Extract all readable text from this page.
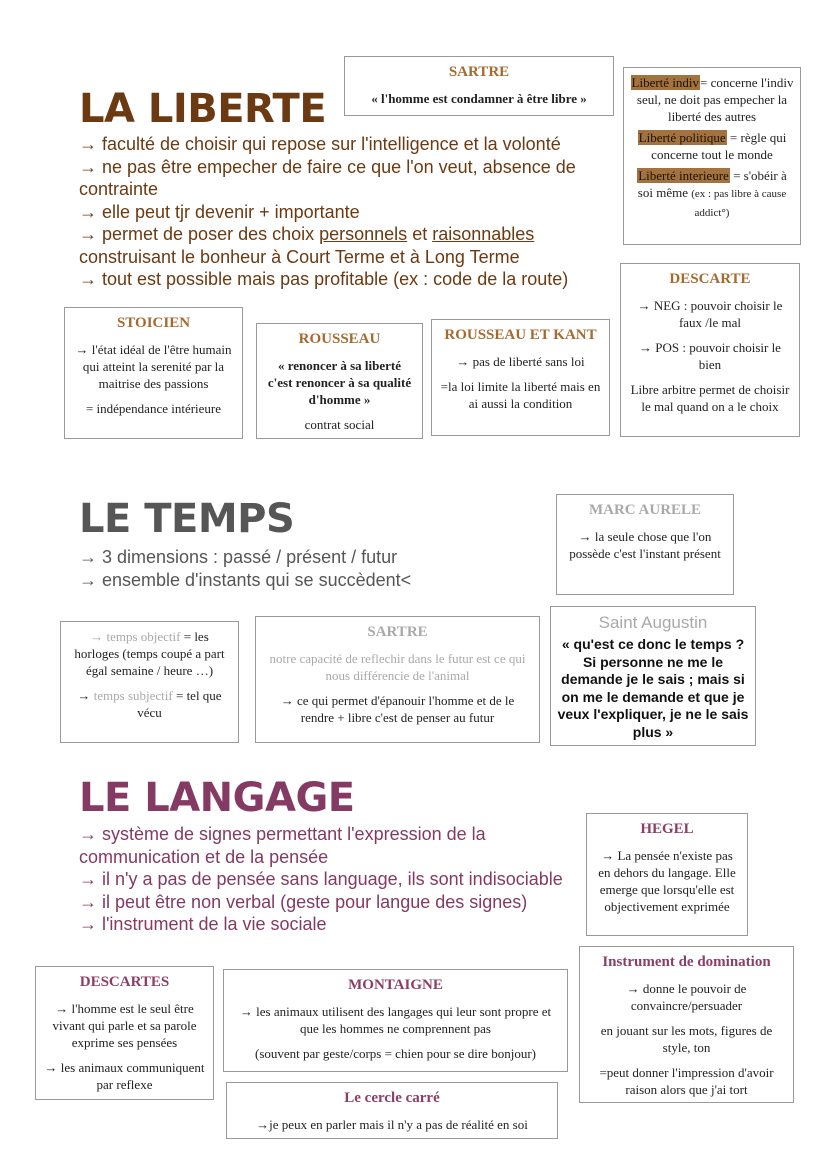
LA LIBERTE
→ faculté de choisir qui repose sur l'intelligence et la volonté
→ ne pas être empecher de faire ce que l'on veut, absence de contrainte
→ elle peut tjr devenir + importante
→ permet de poser des choix personnels et raisonnables construisant le bonheur à Court Terme et à Long Terme
→ tout est possible mais pas profitable (ex : code de la route)
SARTRE

« l'homme est condamner à être libre »

Liberté indiv= concerne l'indiv seul, ne doit pas empecher la liberté des autres

Liberté politique = règle qui concerne tout le monde

Liberté interieure = s'obéir à soi même (ex : pas libre à cause addict°)

STOICIEN

→ l'état idéal de l'être humain qui atteint la serenité par la maitrise des passions

= indépendance intérieure

ROUSSEAU

« renoncer à sa liberté c'est renoncer à sa qualité d'homme »

contrat social

ROUSSEAU ET KANT

→ pas de liberté sans loi

=la loi limite la liberté mais en ai aussi la condition

DESCARTE

→ NEG : pouvoir choisir le faux /le mal

→ POS : pouvoir choisir le bien

Libre arbitre permet de choisir le mal quand on a le choix

LE TEMPS
→ 3 dimensions : passé / présent / futur
→ ensemble d'instants qui se succèdent<
MARC AURELE

→ la seule chose que l'on possède c'est l'instant présent

→ temps objectif = les horloges (temps coupé a part égal semaine / heure …)

→ temps subjectif = tel que vécu

SARTRE

notre capacité de reflechir dans le futur est ce qui nous différencie de l'animal

→ ce qui permet d'épanouir l'homme et de le rendre + libre c'est de penser au futur

Saint Augustin

« qu'est ce donc le temps ? Si personne ne me le demande je le sais ; mais si on me le demande et que je veux l'expliquer, je ne le sais plus »

LE LANGAGE
→ système de signes permettant l'expression de la communication et de la pensée
→ il n'y a pas de pensée sans language, ils sont indisociable
→ il peut être non verbal (geste pour langue des signes)
→ l'instrument de la vie sociale
HEGEL

→ La pensée n'existe pas en dehors du langage. Elle emerge que lorsqu'elle est objectivement exprimée

DESCARTES

→ l'homme est le seul être vivant qui parle et sa parole exprime ses pensées

→ les animaux communiquent par reflexe

MONTAIGNE

→ les animaux utilisent des langages qui leur sont propre et que les hommes ne comprennent pas

(souvent par geste/corps = chien pour se dire bonjour)

Instrument de domination

→ donne le pouvoir de convaincre/persuader

en jouant sur les mots, figures de style, ton

=peut donner l'impression d'avoir raison alors que j'ai tort

Le cercle carré

→je peux en parler mais il n'y a pas de réalité en soi
